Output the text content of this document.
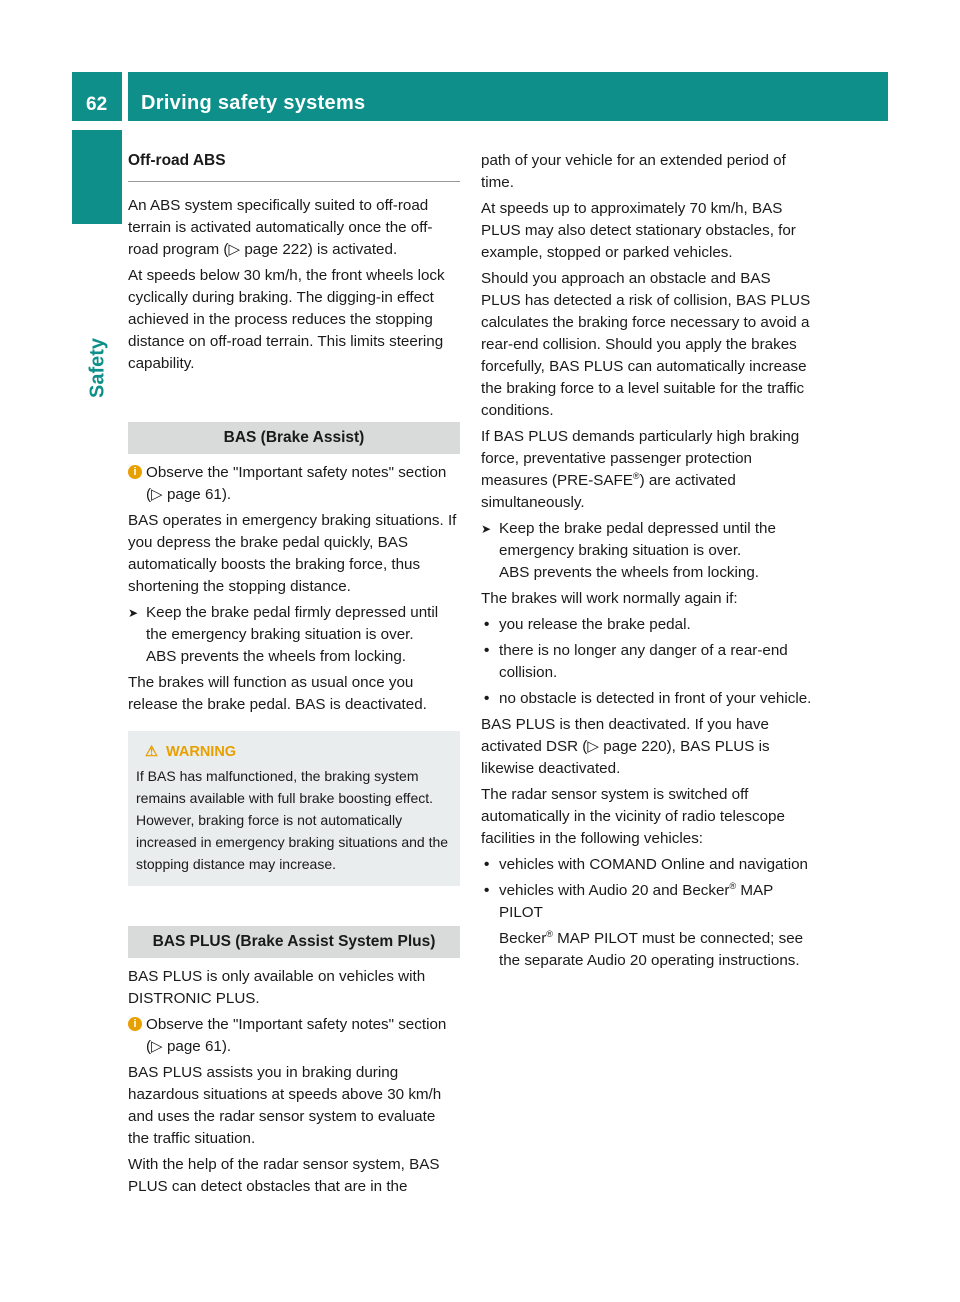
62 Driving safety systems
Safety
Off-road ABS

An ABS system specifically suited to off-road terrain is activated automatically once the off-road program (▷ page 222) is activated.

At speeds below 30 km/h, the front wheels lock cyclically during braking. The digging-in effect achieved in the process reduces the stopping distance on off-road terrain. This limits steering capability.

BAS (Brake Assist)

i Observe the "Important safety notes" section (▷ page 61).

BAS operates in emergency braking situations. If you depress the brake pedal quickly, BAS automatically boosts the braking force, thus shortening the stopping distance.

➤ Keep the brake pedal firmly depressed until the emergency braking situation is over.
ABS prevents the wheels from locking.

The brakes will function as usual once you release the brake pedal. BAS is deactivated.

⚠ WARNING
If BAS has malfunctioned, the braking system remains available with full brake boosting effect. However, braking force is not automatically increased in emergency braking situations and the stopping distance may increase.
BAS PLUS (Brake Assist System Plus)

BAS PLUS is only available on vehicles with DISTRONIC PLUS.

i Observe the "Important safety notes" section (▷ page 61).

BAS PLUS assists you in braking during hazardous situations at speeds above 30 km/h and uses the radar sensor system to evaluate the traffic situation.

With the help of the radar sensor system, BAS PLUS can detect obstacles that are in the

path of your vehicle for an extended period of time.

At speeds up to approximately 70 km/h, BAS PLUS may also detect stationary obstacles, for example, stopped or parked vehicles.

Should you approach an obstacle and BAS PLUS has detected a risk of collision, BAS PLUS calculates the braking force necessary to avoid a rear-end collision. Should you apply the brakes forcefully, BAS PLUS can automatically increase the braking force to a level suitable for the traffic conditions.

If BAS PLUS demands particularly high braking force, preventative passenger protection measures (PRE-SAFE®) are activated simultaneously.

➤ Keep the brake pedal depressed until the emergency braking situation is over.
ABS prevents the wheels from locking.

The brakes will work normally again if:

• you release the brake pedal.

• there is no longer any danger of a rear-end collision.

• no obstacle is detected in front of your vehicle.

BAS PLUS is then deactivated. If you have activated DSR (▷ page 220), BAS PLUS is likewise deactivated.

The radar sensor system is switched off automatically in the vicinity of radio telescope facilities in the following vehicles:

• vehicles with COMAND Online and navigation

• vehicles with Audio 20 and Becker® MAP PILOT

Becker® MAP PILOT must be connected; see the separate Audio 20 operating instructions.
